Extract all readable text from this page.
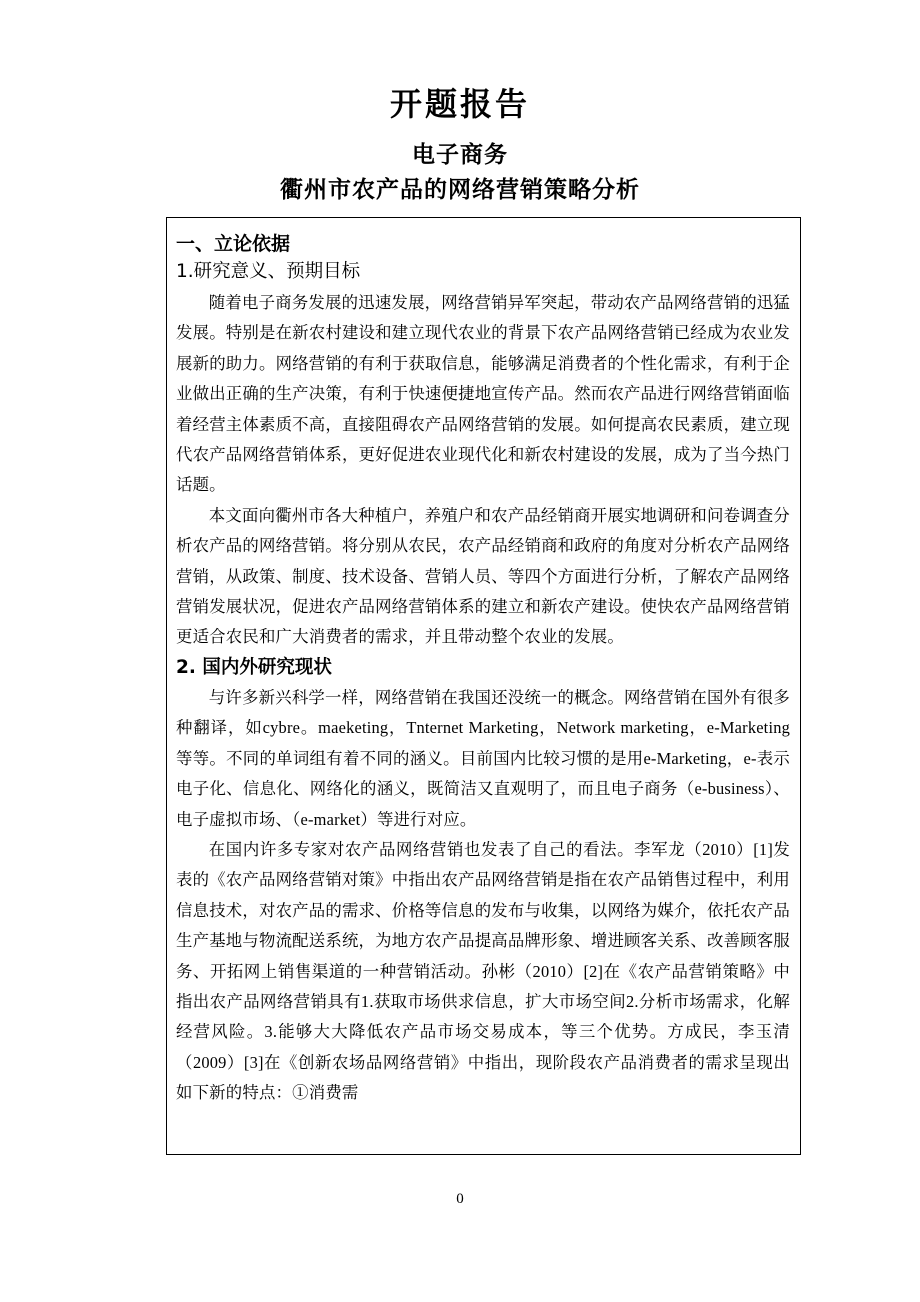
开题报告
电子商务
衢州市农产品的网络营销策略分析
一、立论依据
1.研究意义、预期目标

随着电子商务发展的迅速发展，网络营销异军突起，带动农产品网络营销的迅猛发展。特别是在新农村建设和建立现代农业的背景下农产品网络营销已经成为农业发展新的助力。网络营销的有利于获取信息，能够满足消费者的个性化需求，有利于企业做出正确的生产决策，有利于快速便捷地宣传产品。然而农产品进行网络营销面临着经营主体素质不高，直接阻碍农产品网络营销的发展。如何提高农民素质，建立现代农产品网络营销体系，更好促进农业现代化和新农村建设的发展，成为了当今热门话题。

本文面向衢州市各大种植户，养殖户和农产品经销商开展实地调研和问卷调查分析农产品的网络营销。将分别从农民，农产品经销商和政府的角度对分析农产品网络营销，从政策、制度、技术设备、营销人员、等四个方面进行分析，了解农产品网络营销发展状况，促进农产品网络营销体系的建立和新农产建设。使快农产品网络营销更适合农民和广大消费者的需求，并且带动整个农业的发展。

2. 国内外研究现状

与许多新兴科学一样，网络营销在我国还没统一的概念。网络营销在国外有很多种翻译，如cybre。maeketing，Tnternet Marketing，Network marketing，e-Marketing等等。不同的单词组有着不同的涵义。目前国内比较习惯的是用e-Marketing，e-表示电子化、信息化、网络化的涵义，既简洁又直观明了，而且电子商务（e-business）、电子虚拟市场、（e-market）等进行对应。

在国内许多专家对农产品网络营销也发表了自己的看法。李军龙（2010）[1]发表的《农产品网络营销对策》中指出农产品网络营销是指在农产品销售过程中，利用信息技术，对农产品的需求、价格等信息的发布与收集，以网络为媒介，依托农产品生产基地与物流配送系统，为地方农产品提高品牌形象、增进顾客关系、改善顾客服务、开拓网上销售渠道的一种营销活动。孙彬（2010）[2]在《农产品营销策略》中指出农产品网络营销具有1.获取市场供求信息，扩大市场空间2.分析市场需求，化解经营风险。3.能够大大降低农产品市场交易成本，等三个优势。方成民，李玉清（2009）[3]在《创新农场品网络营销》中指出，现阶段农产品消费者的需求呈现出如下新的特点：①消费需

0
